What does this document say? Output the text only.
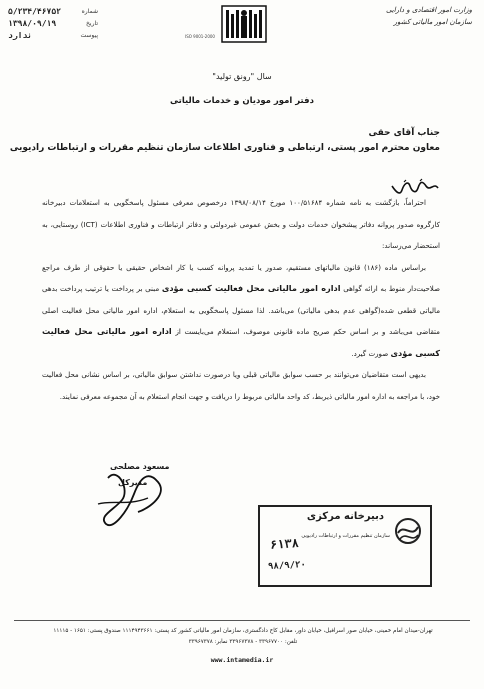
شماره
۵/۲۳۴/۴۶۷۵۲
تاریخ
۱۳۹۸/۰۹/۱۹
پیوست
ندارد	ISO 9001-2000
وزارت امور اقتصادی و دارایی
سازمان امور مالیاتی کشور
سال "رونق تولید"
دفتر امور مودیان و خدمات مالیاتی
جناب آقای حقی
معاون محترم امور پستی، ارتباطی و فناوری اطلاعات سازمان تنظیم مقررات و ارتباطات رادیویی

احتراماً، بازگشت به نامه شماره ۱۰۰/۵۱۶۸۴ مورخ ۱۳۹۸/۰۸/۱۴ درخصوص معرفی مسئول پاسخگویی به استعلامات دبیرخانه کارگروه صدور پروانه دفاتر پیشخوان خدمات دولت و بخش عمومی غیردولتی و دفاتر ارتباطات و فناوری اطلاعات (ICT) روستایی، به استحضار می‌رساند:

براساس ماده (۱۸۶) قانون مالیاتهای مستقیم، صدور یا تمدید پروانه کسب یا کار اشخاص حقیقی یا حقوقی از طرف مراجع صلاحیت‌دار منوط به ارائه گواهی اداره امور مالیاتی محل فعالیت کسبی مؤدی مبنی بر پرداخت یا ترتیب پرداخت بدهی مالیاتی قطعی شده(گواهی عدم بدهی مالیاتی) می‌باشد. لذا مسئول پاسخگویی به استعلام، اداره امور مالیاتی محل فعالیت اصلی متقاضی می‌باشد و بر اساس حکم صریح ماده قانونی موصوف، استعلام می‌بایست از اداره امور مالیاتی محل فعالیت کسبی مؤدی صورت گیرد.

بدیهی است متقاضیان می‌توانند بر حسب سوابق مالیاتی قبلی ویا درصورت نداشتن سوابق مالیاتی، بر اساس نشانی محل فعالیت خود، با مراجعه به اداره امور مالیاتی ذیربط، کد واحد مالیاتی مربوط را دریافت و جهت انجام استعلام به آن مجموعه معرفی نمایند.

مسعود مصلحی
مدیرکل
دبیرخانه مرکزی
سازمان تنظیم مقررات و ارتباطات رادیویی
۶۱۳۸
۹۸/۹/۲۰
تهران-میدان امام خمینی، خیابان صور اسرافیل، خیابان داور، مقابل کاخ دادگستری، سازمان امور مالیاتی کشور کد پستی: ۱۱۱۴۹۴۳۶۶۱ صندوق پستی: ۱۶۵۱ - ۱۱۱۱۵
تلفن: ۳۳۹۶۷۷۰۰ - ۳۳۹۶۷۳۷۸ نمابر: ۳۳۹۶۷۳۷۸
www.intamedia.ir
